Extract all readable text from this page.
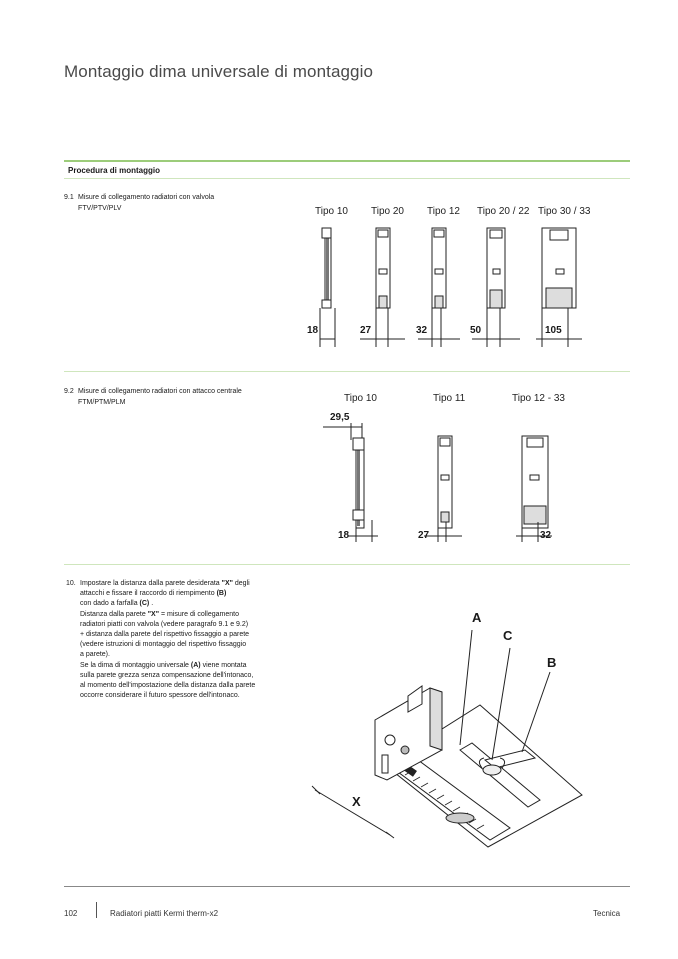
Montaggio dima universale di montaggio
Procedura di montaggio
9.1 Misure di collegamento radiatori con valvola
FTV/PTV/PLV	Tipo 10 Tipo 20 Tipo 12 Tipo 20 / 22 Tipo 30 / 33
18	27	32	50	105
9.2 Misure di collegamento radiatori con attacco centrale
FTM/PTM/PLM	Tipo 10	Tipo 11	Tipo 12 - 33
29,5
18	27	32

10. Impostare la distanza dalla parete desiderata "X" degli

attacchi e fissare il raccordo di riempimento (B)

con dado a farfalla (C) .

Distanza dalla parete "X" = misure di collegamento

radiatori piatti con valvola (vedere paragrafo 9.1 e 9.2)

+ distanza dalla parete del rispettivo fissaggio a parete

(vedere istruzioni di montaggio del rispettivo fissaggio

a parete).

Se la dima di montaggio universale (A) viene montata

sulla parete grezza senza compensazione dell'intonaco,

al momento dell'impostazione della distanza dalla parete

occorre considerare il futuro spessore dell'intonaco.

A
C
B
X
102	Radiatori piatti Kermi therm-x2	Tecnica
